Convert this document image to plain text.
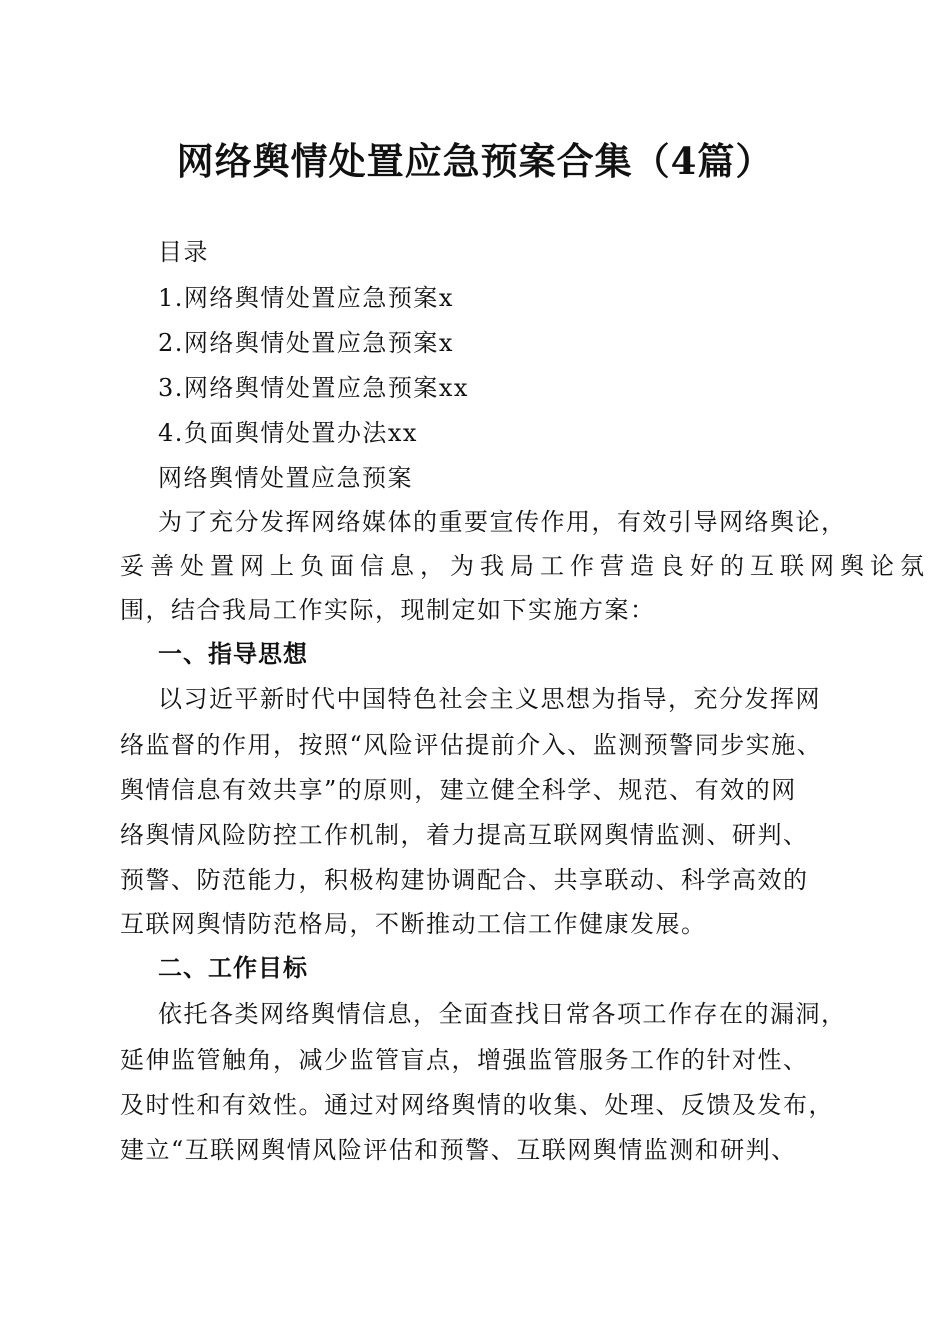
网络舆情处置应急预案合集（4篇）
目录
1.网络舆情处置应急预案x
2.网络舆情处置应急预案x
3.网络舆情处置应急预案xx
4.负面舆情处置办法xx
网络舆情处置应急预案
为了充分发挥网络媒体的重要宣传作用，有效引导网络舆论，
妥善处置网上负面信息，为我局工作营造良好的互联网舆论氛
围，结合我局工作实际，现制定如下实施方案：
一、指导思想
以习近平新时代中国特色社会主义思想为指导，充分发挥网
络监督的作用，按照“风险评估提前介入、监测预警同步实施、
舆情信息有效共享”的原则，建立健全科学、规范、有效的网
络舆情风险防控工作机制，着力提高互联网舆情监测、研判、
预警、防范能力，积极构建协调配合、共享联动、科学高效的
互联网舆情防范格局，不断推动工信工作健康发展。
二、工作目标
依托各类网络舆情信息，全面查找日常各项工作存在的漏洞，
延伸监管触角，减少监管盲点，增强监管服务工作的针对性、
及时性和有效性。通过对网络舆情的收集、处理、反馈及发布，
建立“互联网舆情风险评估和预警、互联网舆情监测和研判、
